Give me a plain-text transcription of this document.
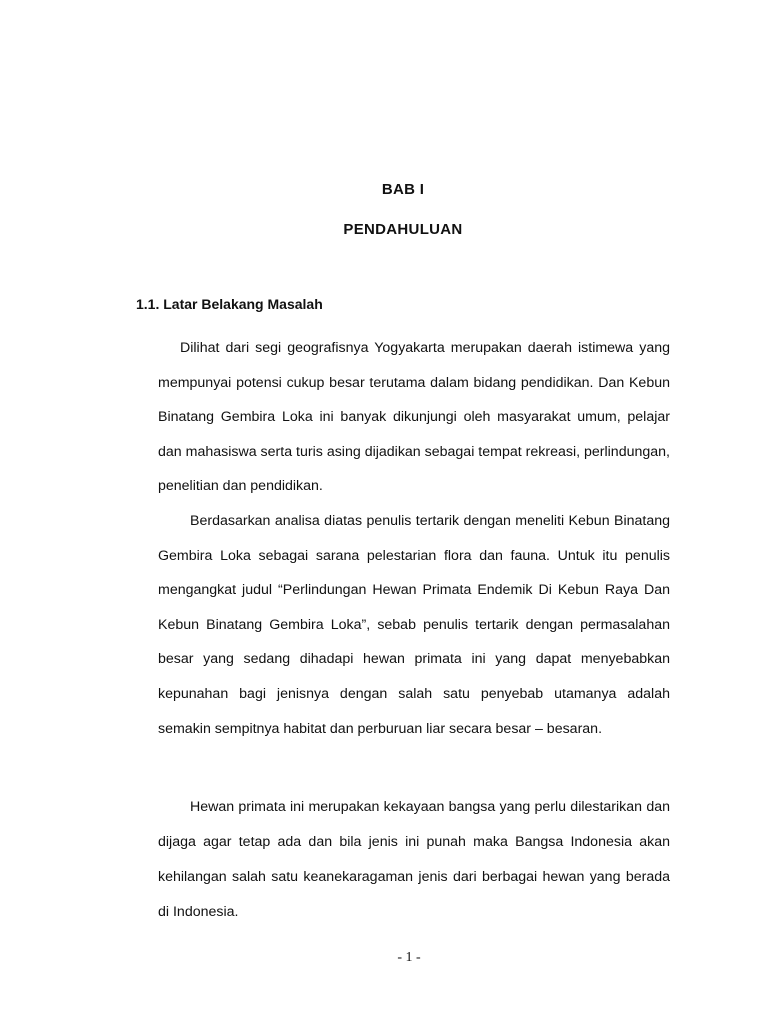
BAB I
PENDAHULUAN
1.1. Latar Belakang Masalah

Dilihat dari segi geografisnya Yogyakarta merupakan daerah istimewa yang mempunyai potensi cukup besar terutama dalam bidang pendidikan. Dan Kebun Binatang Gembira Loka ini banyak dikunjungi oleh masyarakat umum, pelajar dan mahasiswa serta turis asing dijadikan sebagai tempat rekreasi, perlindungan, penelitian dan pendidikan.

Berdasarkan analisa diatas penulis tertarik dengan meneliti Kebun Binatang Gembira Loka sebagai sarana pelestarian flora dan fauna. Untuk itu penulis mengangkat judul “Perlindungan Hewan Primata Endemik Di Kebun Raya Dan Kebun Binatang Gembira Loka”, sebab penulis tertarik dengan permasalahan besar yang sedang dihadapi hewan primata ini yang dapat menyebabkan kepunahan bagi jenisnya dengan salah satu penyebab utamanya adalah semakin sempitnya habitat dan perburuan liar secara besar – besaran.

Hewan primata ini merupakan kekayaan bangsa yang perlu dilestarikan dan dijaga agar tetap ada dan bila jenis ini punah maka Bangsa Indonesia akan kehilangan salah satu keanekaragaman jenis dari berbagai hewan yang berada di Indonesia.

- 1 -
